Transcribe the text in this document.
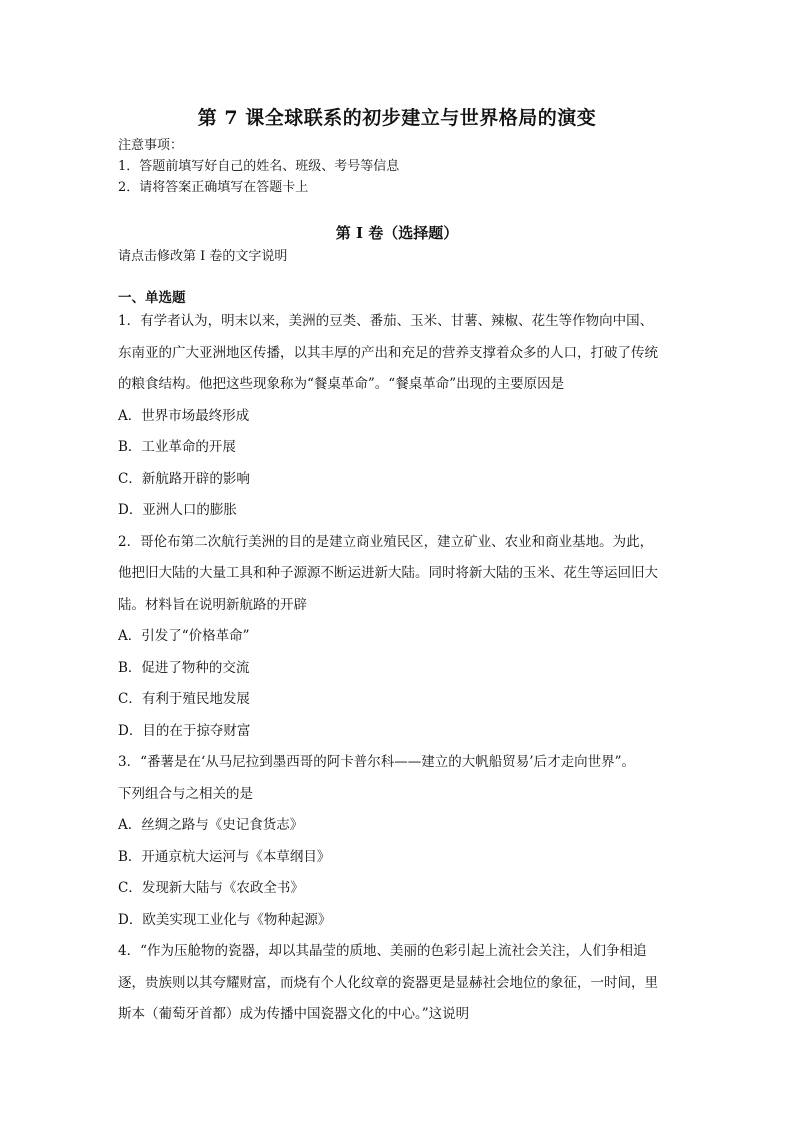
第 7 课全球联系的初步建立与世界格局的演变
注意事项：
1．答题前填写好自己的姓名、班级、考号等信息
2．请将答案正确填写在答题卡上
第 I 卷（选择题）
请点击修改第 I 卷的文字说明
一、单选题
1．有学者认为，明末以来，美洲的豆类、番茄、玉米、甘薯、辣椒、花生等作物向中国、
东南亚的广大亚洲地区传播，以其丰厚的产出和充足的营养支撑着众多的人口，打破了传统
的粮食结构。他把这些现象称为“餐桌革命”。“餐桌革命”出现的主要原因是
A．世界市场最终形成
B．工业革命的开展
C．新航路开辟的影响
D．亚洲人口的膨胀
2．哥伦布第二次航行美洲的目的是建立商业殖民区，建立矿业、农业和商业基地。为此，
他把旧大陆的大量工具和种子源源不断运进新大陆。同时将新大陆的玉米、花生等运回旧大
陆。材料旨在说明新航路的开辟
A．引发了“价格革命”
B．促进了物种的交流
C．有利于殖民地发展
D．目的在于掠夺财富
3．“番薯是在‘从马尼拉到墨西哥的阿卡普尔科——建立的大帆船贸易’后才走向世界”。
下列组合与之相关的是
A．丝绸之路与《史记食货志》
B．开通京杭大运河与《本草纲目》
C．发现新大陆与《农政全书》
D．欧美实现工业化与《物种起源》
4．“作为压舱物的瓷器，却以其晶莹的质地、美丽的色彩引起上流社会关注，人们争相追
逐，贵族则以其夸耀财富，而烧有个人化纹章的瓷器更是显赫社会地位的象征，一时间，里
斯本（葡萄牙首都）成为传播中国瓷器文化的中心。”这说明
